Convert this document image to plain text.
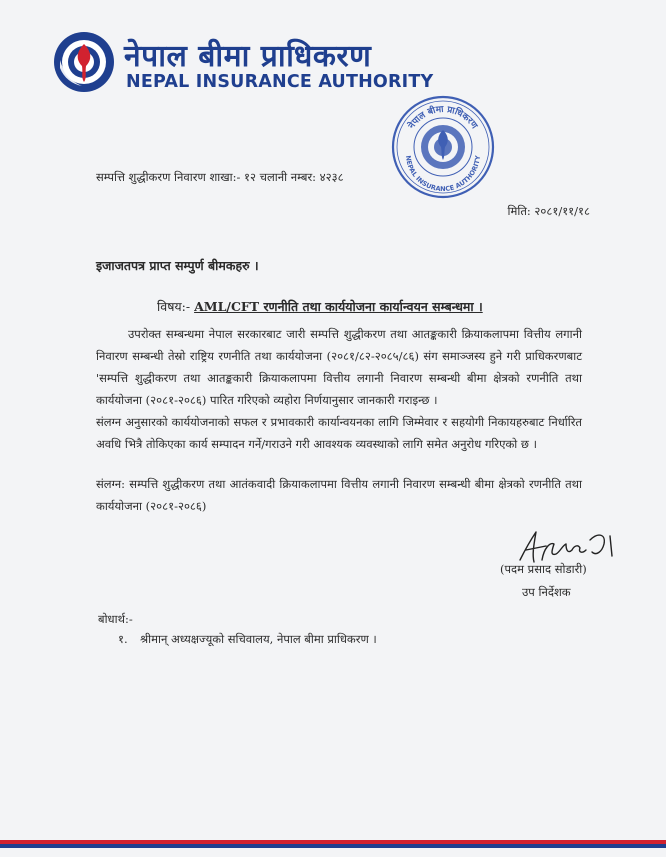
नेपाल बीमा प्राधिकरण
NEPAL INSURANCE AUTHORITY
नेपाल बीमा प्राधिकरण
NEPAL INSURANCE AUTHORITY
सम्पत्ति शुद्धीकरण निवारण शाखा:- १२ चलानी नम्बर: ४२३८
मिति: २०८१/११/१८
इजाजतपत्र प्राप्त सम्पुर्ण बीमकहरु ।
विषय:- AML/CFT रणनीति तथा कार्ययोजना कार्यान्वयन सम्बन्धमा ।
उपरोक्त सम्बन्धमा नेपाल सरकारबाट जारी सम्पत्ति शुद्धीकरण तथा आतङ्ककारी क्रियाकलापमा वित्तीय लगानी निवारण सम्बन्धी तेस्रो राष्ट्रिय रणनीति तथा कार्ययोजना (२०८१/८२-२०८५/८६) संग समाञ्जस्य हुने गरी प्राधिकरणबाट 'सम्पत्ति शुद्धीकरण तथा आतङ्ककारी क्रियाकलापमा वित्तीय लगानी निवारण सम्बन्धी बीमा क्षेत्रको रणनीति तथा कार्ययोजना (२०८१-२०८६) पारित गरिएको व्यहोरा निर्णयानुसार जानकारी गराइन्छ ।
संलग्न अनुसारको कार्ययोजनाको सफल र प्रभावकारी कार्यान्वयनका लागि जिम्मेवार र सहयोगी निकायहरुबाट निर्धारित अवधि भित्रै तोकिएका कार्य सम्पादन गर्ने/गराउने गरी आवश्यक व्यवस्थाको लागि समेत अनुरोध गरिएको छ ।
संलग्न: सम्पत्ति शुद्धीकरण तथा आतंकवादी क्रियाकलापमा वित्तीय लगानी निवारण सम्बन्धी बीमा क्षेत्रको रणनीति तथा कार्ययोजना (२०८१-२०८६)
(पदम प्रसाद सोडारी)
उप निर्देशक
बोधार्थ:-
१. श्रीमान् अध्यक्षज्यूको सचिवालय, नेपाल बीमा प्राधिकरण ।
